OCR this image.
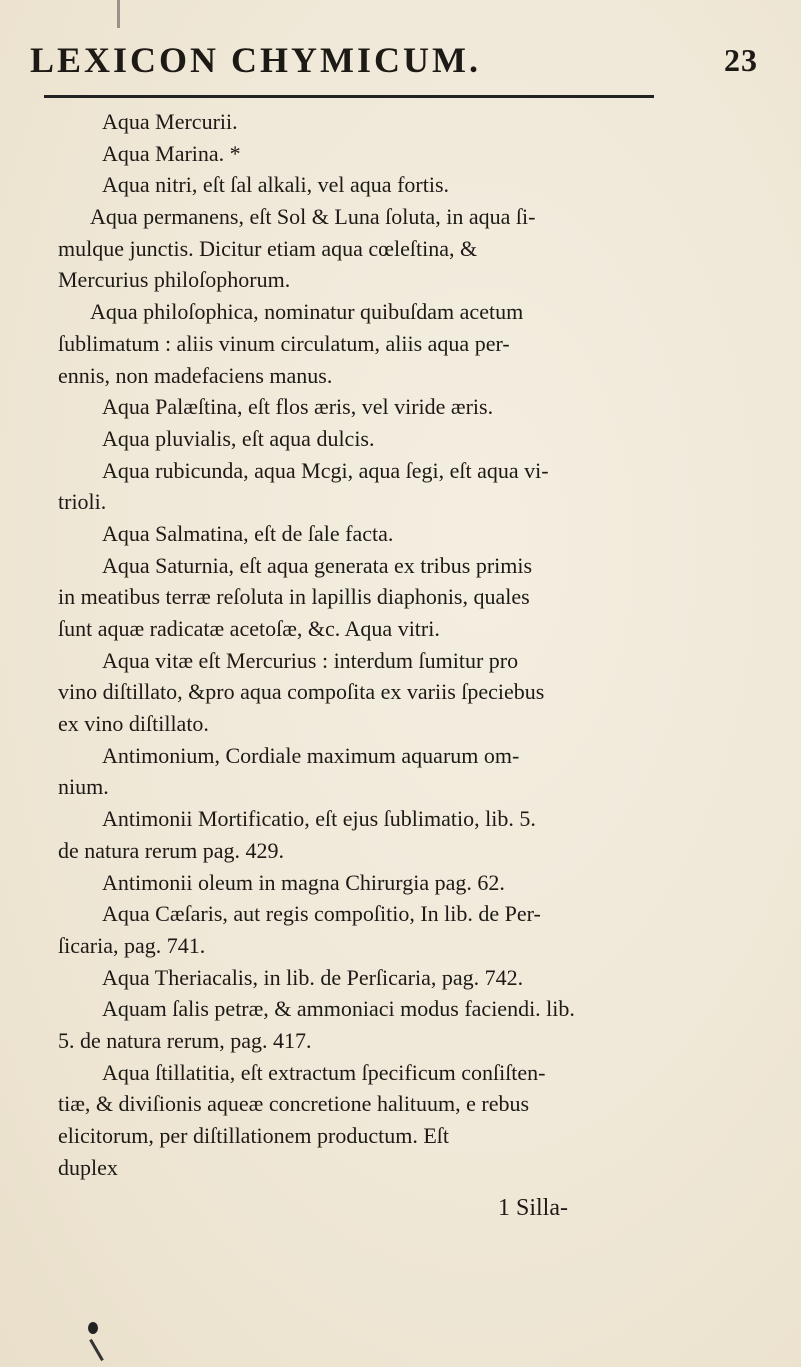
LEXICON CHYMICUM.	23
Aqua Mercurii.
Aqua Marina. *
Aqua nitri, eſt ſal alkali, vel aqua fortis.
Aqua permanens, eſt Sol & Luna ſoluta, in aqua ſi-
mulque junctis. Dicitur etiam aqua cœleſtina, &
Mercurius philoſophorum.
Aqua philoſophica, nominatur quibuſdam acetum
ſublimatum : aliis vinum circulatum, aliis aqua per-
ennis, non madefaciens manus.
Aqua Palæſtina, eſt flos æris, vel viride æris.
Aqua pluvialis, eſt aqua dulcis.
Aqua rubicunda, aqua Mcgi, aqua ſegi, eſt aqua vi-
trioli.
Aqua Salmatina, eſt de ſale facta.
Aqua Saturnia, eſt aqua generata ex tribus primis
in meatibus terræ reſoluta in lapillis diaphonis, quales
ſunt aquæ radicatæ acetoſæ, &c. Aqua vitri.
Aqua vitæ eſt Mercurius : interdum ſumitur pro
vino diſtillato, &pro aqua compoſita ex variis ſpeciebus
ex vino diſtillato.
Antimonium, Cordiale maximum aquarum om-
nium.
Antimonii Mortificatio, eſt ejus ſublimatio, lib. 5.
de natura rerum pag. 429.
Antimonii oleum in magna Chirurgia pag. 62.
Aqua Cæſaris, aut regis compoſitio, In lib. de Per-
ſicaria, pag. 741.
Aqua Theriacalis, in lib. de Perſicaria, pag. 742.
Aquam ſalis petræ, & ammoniaci modus faciendi. lib.
5. de natura rerum, pag. 417.
Aqua ſtillatitia, eſt extractum ſpecificum conſiſten-
tiæ, & diviſionis aqueæ concretione halituum, e rebus
elicitorum, per diſtillationem productum. Eſt
duplex
1 Silla-
